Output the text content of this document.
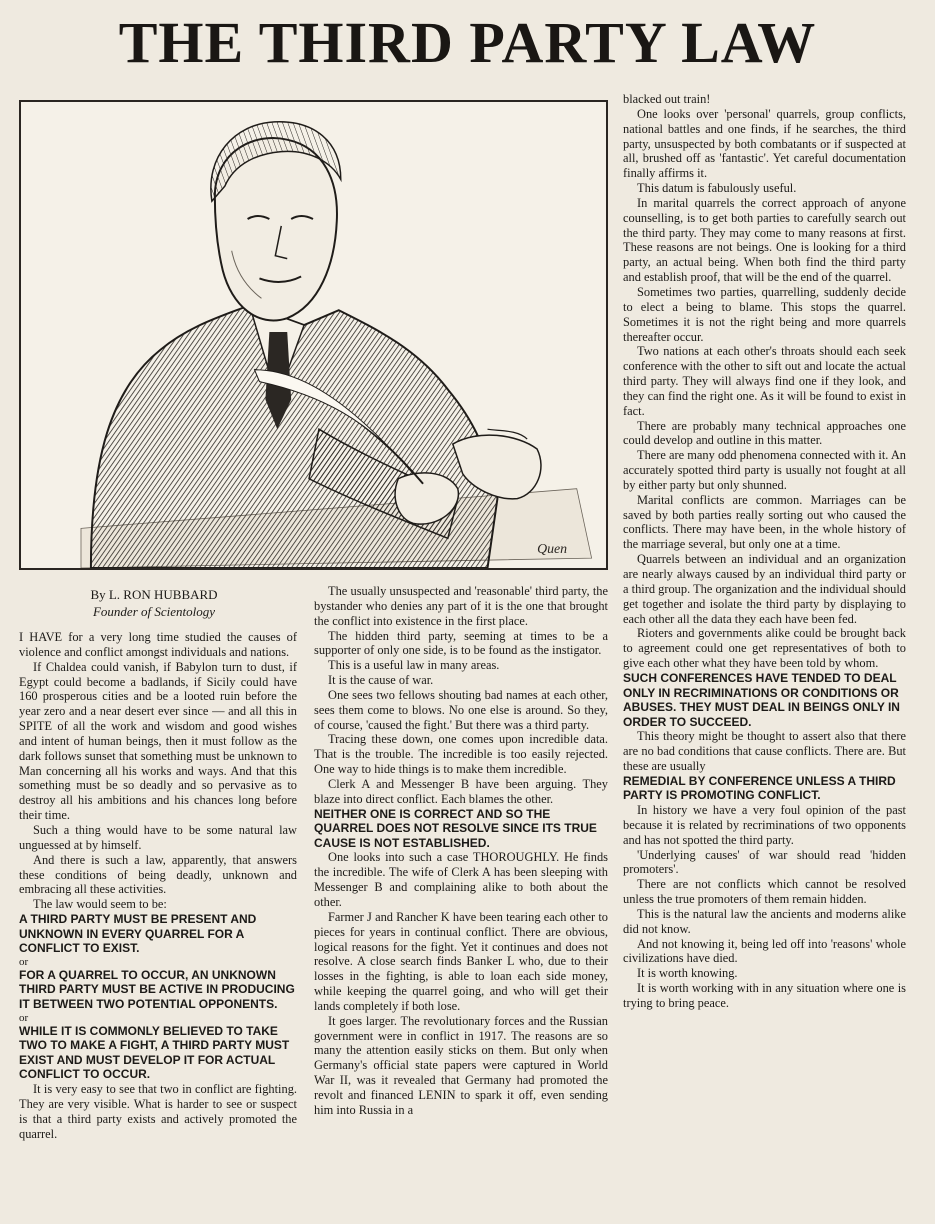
THE THIRD PARTY LAW
Quen
By L. RON HUBBARD
Founder of Scientology

I HAVE for a very long time studied the causes of violence and conflict amongst individuals and nations.

If Chaldea could vanish, if Babylon turn to dust, if Egypt could become a badlands, if Sicily could have 160 prosperous cities and be a looted ruin before the year zero and a near desert ever since — and all this in SPITE of all the work and wisdom and good wishes and intent of human beings, then it must follow as the dark follows sunset that something must be unknown to Man concerning all his works and ways. And that this something must be so deadly and so pervasive as to destroy all his ambitions and his chances long before their time.

Such a thing would have to be some natural law unguessed at by himself.

And there is such a law, apparently, that answers these conditions of being deadly, unknown and embracing all these activities.

The law would seem to be:

A THIRD PARTY MUST BE PRESENT AND UNKNOWN IN EVERY QUARREL FOR A CONFLICT TO EXIST.

or

FOR A QUARREL TO OCCUR, AN UNKNOWN THIRD PARTY MUST BE ACTIVE IN PRODUCING IT BETWEEN TWO POTENTIAL OPPONENTS.

or

WHILE IT IS COMMONLY BELIEVED TO TAKE TWO TO MAKE A FIGHT, A THIRD PARTY MUST EXIST AND MUST DEVELOP IT FOR ACTUAL CONFLICT TO OCCUR.

It is very easy to see that two in conflict are fighting. They are very visible. What is harder to see or suspect is that a third party exists and actively promoted the quarrel.

The usually unsuspected and 'reasonable' third party, the bystander who denies any part of it is the one that brought the conflict into existence in the first place.

The hidden third party, seeming at times to be a supporter of only one side, is to be found as the instigator.

This is a useful law in many areas.

It is the cause of war.

One sees two fellows shouting bad names at each other, sees them come to blows. No one else is around. So they, of course, 'caused the fight.' But there was a third party.

Tracing these down, one comes upon incredible data. That is the trouble. The incredible is too easily rejected. One way to hide things is to make them incredible.

Clerk A and Messenger B have been arguing. They blaze into direct conflict. Each blames the other.

NEITHER ONE IS CORRECT AND SO THE QUARREL DOES NOT RESOLVE SINCE ITS TRUE CAUSE IS NOT ESTABLISHED.

One looks into such a case THOROUGHLY. He finds the incredible. The wife of Clerk A has been sleeping with Messenger B and complaining alike to both about the other.

Farmer J and Rancher K have been tearing each other to pieces for years in continual conflict. There are obvious, logical reasons for the fight. Yet it continues and does not resolve. A close search finds Banker L who, due to their losses in the fighting, is able to loan each side money, while keeping the quarrel going, and who will get their lands completely if both lose.

It goes larger. The revolutionary forces and the Russian government were in conflict in 1917. The reasons are so many the attention easily sticks on them. But only when Germany's official state papers were captured in World War II, was it revealed that Germany had promoted the revolt and financed LENIN to spark it off, even sending him into Russia in a

blacked out train!

One looks over 'personal' quarrels, group conflicts, national battles and one finds, if he searches, the third party, unsuspected by both combatants or if suspected at all, brushed off as 'fantastic'. Yet careful documentation finally affirms it.

This datum is fabulously useful.

In marital quarrels the correct approach of anyone counselling, is to get both parties to carefully search out the third party. They may come to many reasons at first. These reasons are not beings. One is looking for a third party, an actual being. When both find the third party and establish proof, that will be the end of the quarrel.

Sometimes two parties, quarrelling, suddenly decide to elect a being to blame. This stops the quarrel. Sometimes it is not the right being and more quarrels thereafter occur.

Two nations at each other's throats should each seek conference with the other to sift out and locate the actual third party. They will always find one if they look, and they can find the right one. As it will be found to exist in fact.

There are probably many technical approaches one could develop and outline in this matter.

There are many odd phenomena connected with it. An accurately spotted third party is usually not fought at all by either party but only shunned.

Marital conflicts are common. Marriages can be saved by both parties really sorting out who caused the conflicts. There may have been, in the whole history of the marriage several, but only one at a time.

Quarrels between an individual and an organization are nearly always caused by an individual third party or a third group. The organization and the individual should get together and isolate the third party by displaying to each other all the data they each have been fed.

Rioters and governments alike could be brought back to agreement could one get representatives of both to give each other what they have been told by whom.

SUCH CONFERENCES HAVE TENDED TO DEAL ONLY IN RECRIMINATIONS OR CONDITIONS OR ABUSES. THEY MUST DEAL IN BEINGS ONLY IN ORDER TO SUCCEED.

This theory might be thought to assert also that there are no bad conditions that cause conflicts. There are. But these are usually

REMEDIAL BY CONFERENCE UNLESS A THIRD PARTY IS PROMOTING CONFLICT.

In history we have a very foul opinion of the past because it is related by recriminations of two opponents and has not spotted the third party.

'Underlying causes' of war should read 'hidden promoters'.

There are not conflicts which cannot be resolved unless the true promoters of them remain hidden.

This is the natural law the ancients and moderns alike did not know.

And not knowing it, being led off into 'reasons' whole civilizations have died.

It is worth knowing.

It is worth working with in any situation where one is trying to bring peace.
